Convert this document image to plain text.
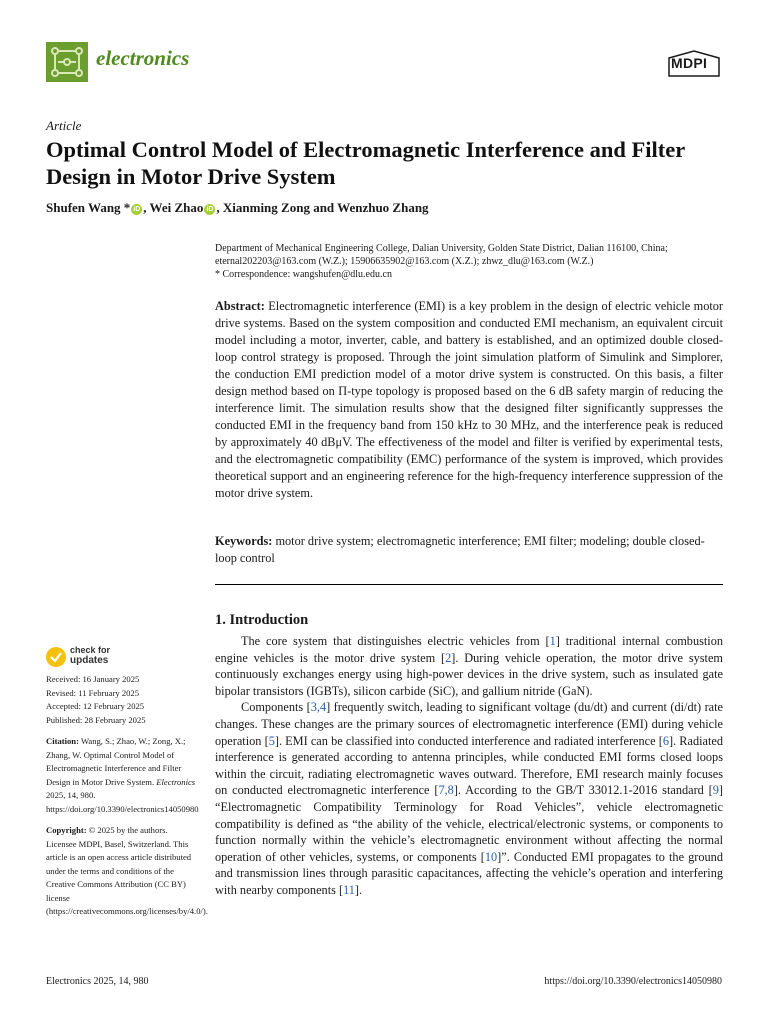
electronics	MDPI
Article
Optimal Control Model of Electromagnetic Interference and Filter Design in Motor Drive System
Shufen Wang * iD , Wei Zhao iD , Xianming Zong and Wenzhuo Zhang
Department of Mechanical Engineering College, Dalian University, Golden State District, Dalian 116100, China;
eternal202203@163.com (W.Z.); 15906635902@163.com (X.Z.); zhwz_dlu@163.com (W.Z.)
* Correspondence: wangshufen@dlu.edu.cn
Abstract: Electromagnetic interference (EMI) is a key problem in the design of electric vehicle motor drive systems. Based on the system composition and conducted EMI mechanism, an equivalent circuit model including a motor, inverter, cable, and battery is established, and an optimized double closed-loop control strategy is proposed. Through the joint simulation platform of Simulink and Simplorer, the conduction EMI prediction model of a motor drive system is constructed. On this basis, a filter design method based on Π-type topology is proposed based on the 6 dB safety margin of reducing the interference limit. The simulation results show that the designed filter significantly suppresses the conducted EMI in the frequency band from 150 kHz to 30 MHz, and the interference peak is reduced by approximately 40 dBμV. The effectiveness of the model and filter is verified by experimental tests, and the electromagnetic compatibility (EMC) performance of the system is improved, which provides theoretical support and an engineering reference for the high-frequency interference suppression of the motor drive system.
Keywords: motor drive system; electromagnetic interference; EMI filter; modeling; double closed-loop control
1. Introduction

The core system that distinguishes electric vehicles from [1] traditional internal combustion engine vehicles is the motor drive system [2]. During vehicle operation, the motor drive system continuously exchanges energy using high-power devices in the drive system, such as insulated gate bipolar transistors (IGBTs), silicon carbide (SiC), and gallium nitride (GaN).

Components [3,4] frequently switch, leading to significant voltage (du/dt) and current (di/dt) rate changes. These changes are the primary sources of electromagnetic interference (EMI) during vehicle operation [5]. EMI can be classified into conducted interference and radiated interference [6]. Radiated interference is generated according to antenna principles, while conducted EMI forms closed loops within the circuit, radiating electromagnetic waves outward. Therefore, EMI research mainly focuses on conducted electromagnetic interference [7,8]. According to the GB/T 33012.1-2016 standard [9] “Electromagnetic Compatibility Terminology for Road Vehicles”, vehicle electromagnetic compatibility is defined as “the ability of the vehicle, electrical/electronic systems, or components to function normally within the vehicle’s electromagnetic environment without affecting the normal operation of other vehicles, systems, or components [10]”. Conducted EMI propagates to the ground and transmission lines through parasitic capacitances, affecting the vehicle’s operation and interfering with nearby components [11].

check for
updates
Received: 16 January 2025
Revised: 11 February 2025
Accepted: 12 February 2025
Published: 28 February 2025
Citation: Wang, S.; Zhao, W.; Zong, X.; Zhang, W. Optimal Control Model of Electromagnetic Interference and Filter Design in Motor Drive System. Electronics 2025, 14, 980. https://doi.org/10.3390/electronics14050980
Copyright: © 2025 by the authors. Licensee MDPI, Basel, Switzerland. This article is an open access article distributed under the terms and conditions of the Creative Commons Attribution (CC BY) license (https://creativecommons.org/licenses/by/4.0/).
Electronics 2025, 14, 980	https://doi.org/10.3390/electronics14050980
